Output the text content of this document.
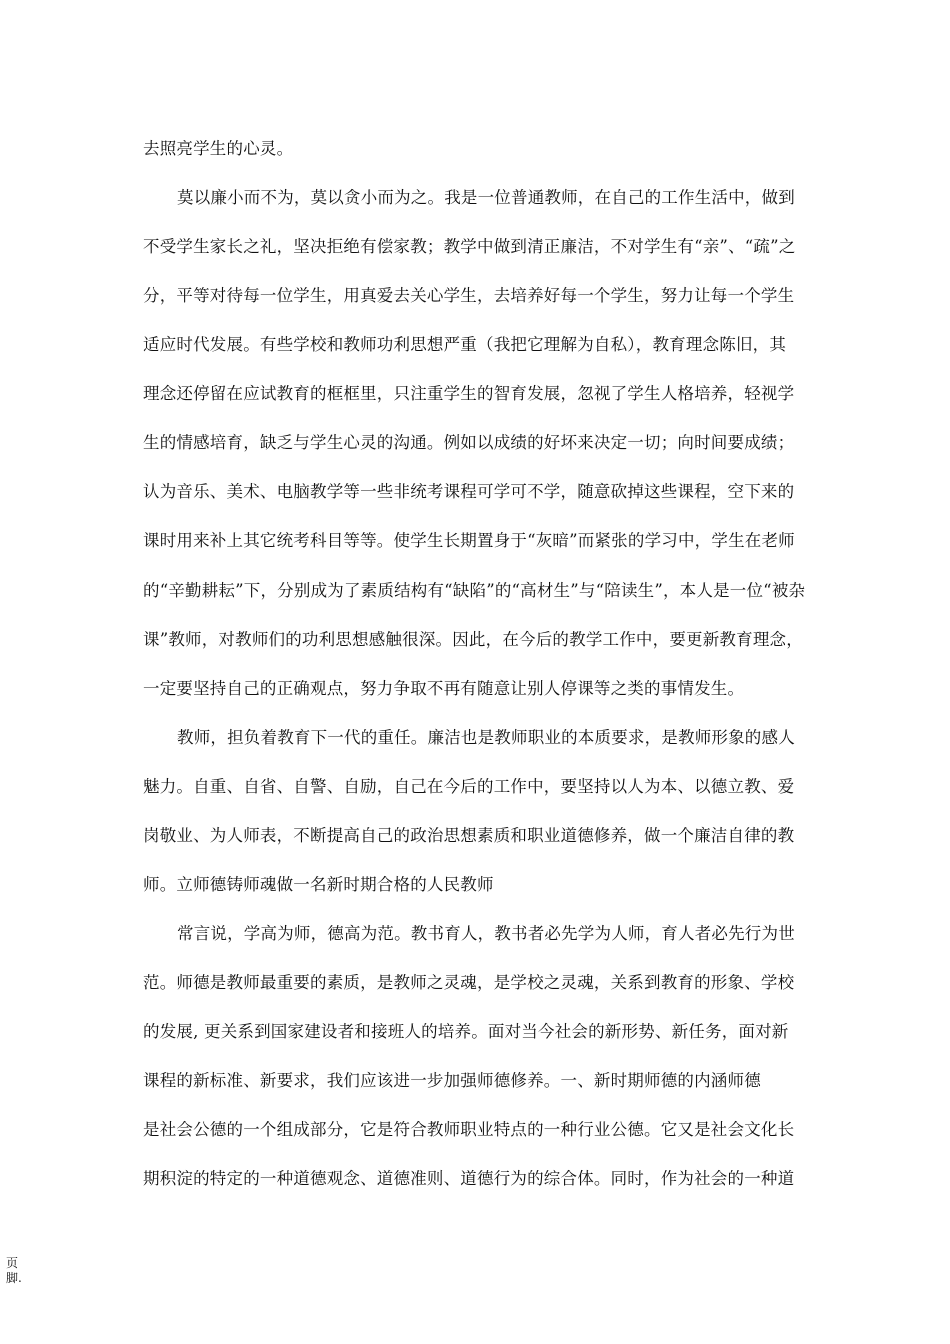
去照亮学生的心灵。
莫以廉小而不为，莫以贪小而为之。我是一位普通教师，在自己的工作生活中，做到
不受学生家长之礼，坚决拒绝有偿家教；教学中做到清正廉洁，不对学生有“亲”、“疏”之
分，平等对待每一位学生，用真爱去关心学生，去培养好每一个学生，努力让每一个学生
适应时代发展。有些学校和教师功利思想严重（我把它理解为自私），教育理念陈旧，其
理念还停留在应试教育的框框里，只注重学生的智育发展，忽视了学生人格培养，轻视学
生的情感培育，缺乏与学生心灵的沟通。例如以成绩的好坏来决定一切；向时间要成绩；
认为音乐、美术、电脑教学等一些非统考课程可学可不学，随意砍掉这些课程，空下来的
课时用来补上其它统考科目等等。使学生长期置身于“灰暗”而紧张的学习中，学生在老师
的“辛勤耕耘”下，分别成为了素质结构有“缺陷”的“高材生”与“陪读生”，本人是一位“被杂
课”教师，对教师们的功利思想感触很深。因此，在今后的教学工作中，要更新教育理念，
一定要坚持自己的正确观点，努力争取不再有随意让别人停课等之类的事情发生。
教师，担负着教育下一代的重任。廉洁也是教师职业的本质要求，是教师形象的感人
魅力。自重、自省、自警、自励，自己在今后的工作中，要坚持以人为本、以德立教、爱
岗敬业、为人师表，不断提高自己的政治思想素质和职业道德修养，做一个廉洁自律的教
师。立师德铸师魂做一名新时期合格的人民教师
常言说，学高为师，德高为范。教书育人，教书者必先学为人师，育人者必先行为世
范。师德是教师最重要的素质，是教师之灵魂，是学校之灵魂，关系到教育的形象、学校
的发展, 更关系到国家建设者和接班人的培养。面对当今社会的新形势、新任务，面对新
课程的新标准、新要求，我们应该进一步加强师德修养。一、新时期师德的内涵师德
是社会公德的一个组成部分，它是符合教师职业特点的一种行业公德。它又是社会文化长
期积淀的特定的一种道德观念、道德准则、道德行为的综合体。同时，作为社会的一种道
页
脚.
